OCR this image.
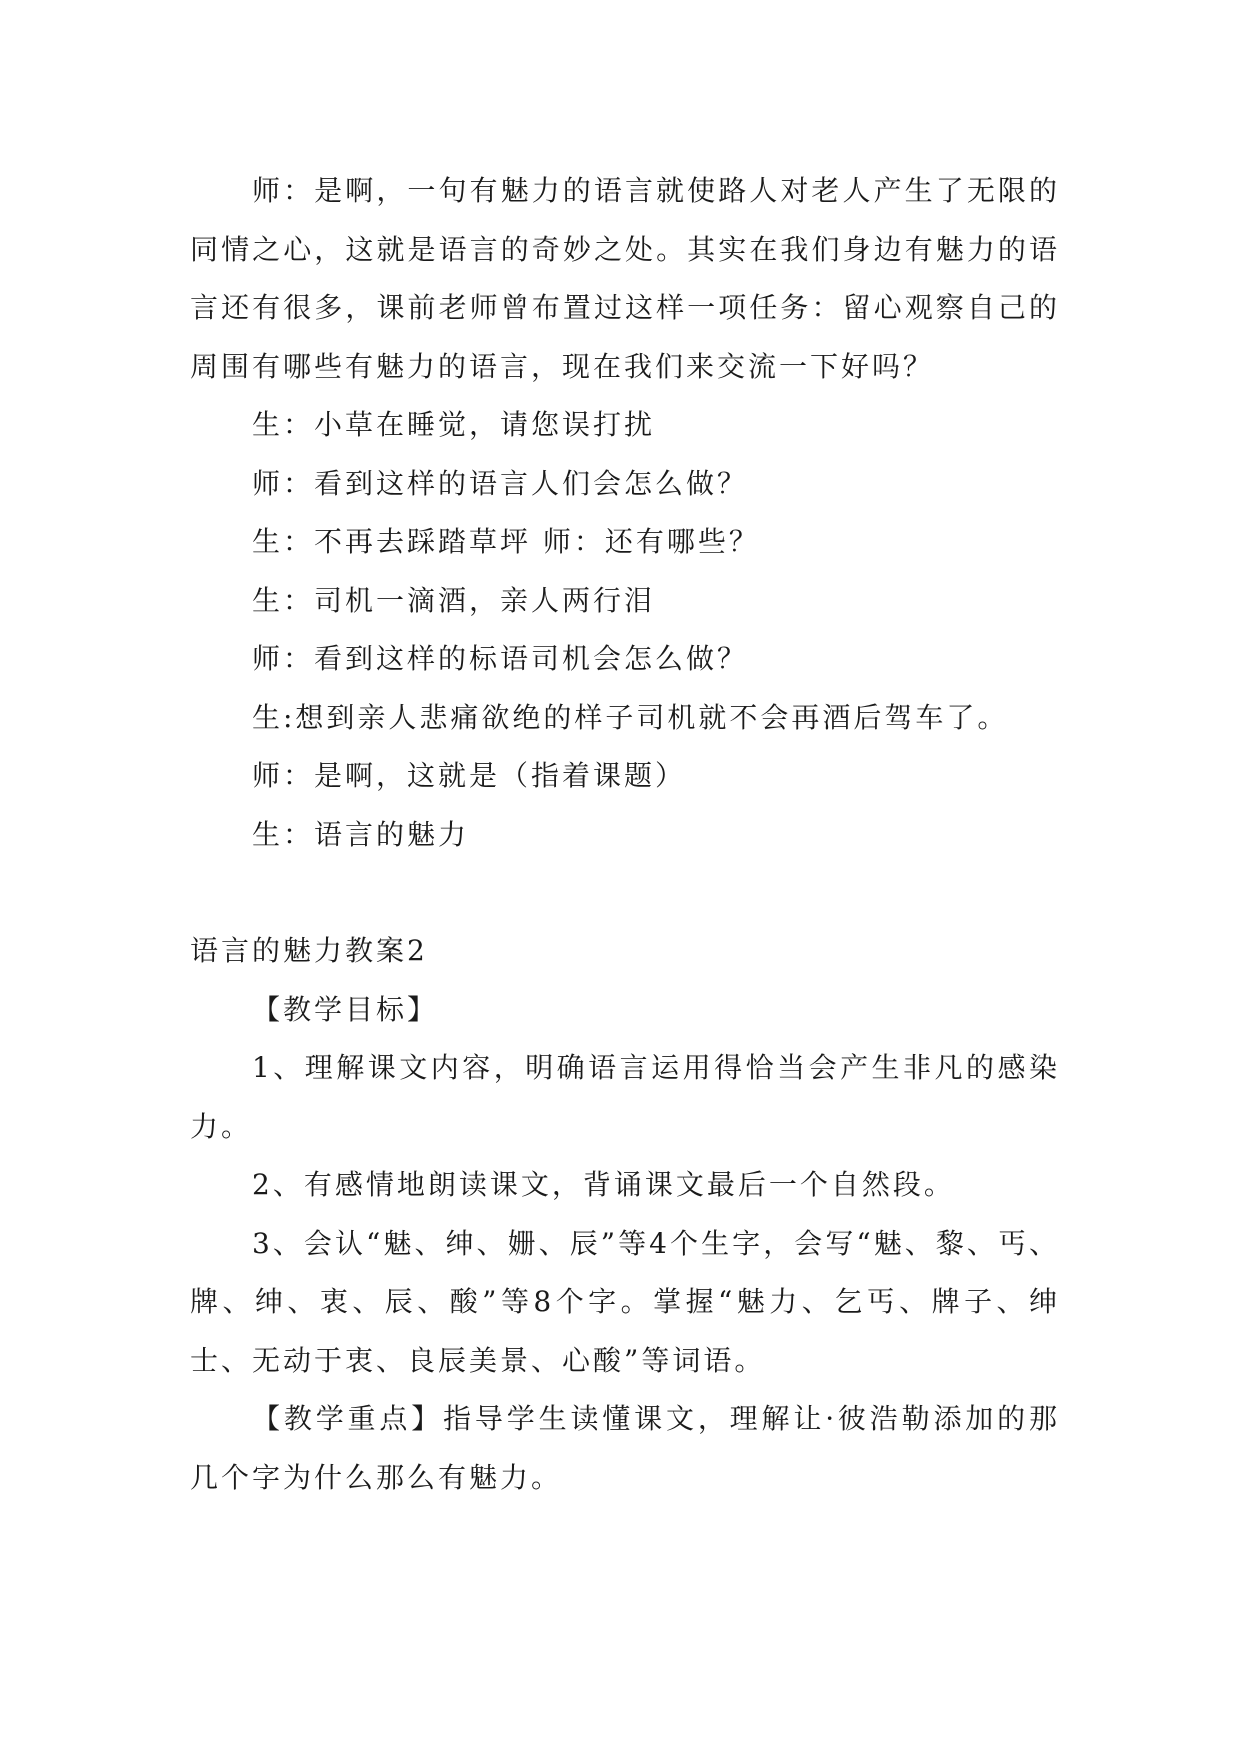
师：是啊，一句有魅力的语言就使路人对老人产生了无限的同情之心，这就是语言的奇妙之处。其实在我们身边有魅力的语言还有很多，课前老师曾布置过这样一项任务：留心观察自己的周围有哪些有魅力的语言，现在我们来交流一下好吗？

生：小草在睡觉，请您误打扰

师：看到这样的语言人们会怎么做？

生：不再去踩踏草坪 师：还有哪些？

生：司机一滴酒，亲人两行泪

师：看到这样的标语司机会怎么做？

生:想到亲人悲痛欲绝的样子司机就不会再酒后驾车了。

师：是啊，这就是（指着课题）

生：语言的魅力

语言的魅力教案2

【教学目标】

1、理解课文内容，明确语言运用得恰当会产生非凡的感染力。

2、有感情地朗读课文，背诵课文最后一个自然段。

3、会认“魅、绅、姗、辰”等4个生字，会写“魅、黎、丐、牌、绅、衷、辰、酸”等8个字。掌握“魅力、乞丐、牌子、绅士、无动于衷、良辰美景、心酸”等词语。

【教学重点】指导学生读懂课文，理解让·彼浩勒添加的那几个字为什么那么有魅力。
